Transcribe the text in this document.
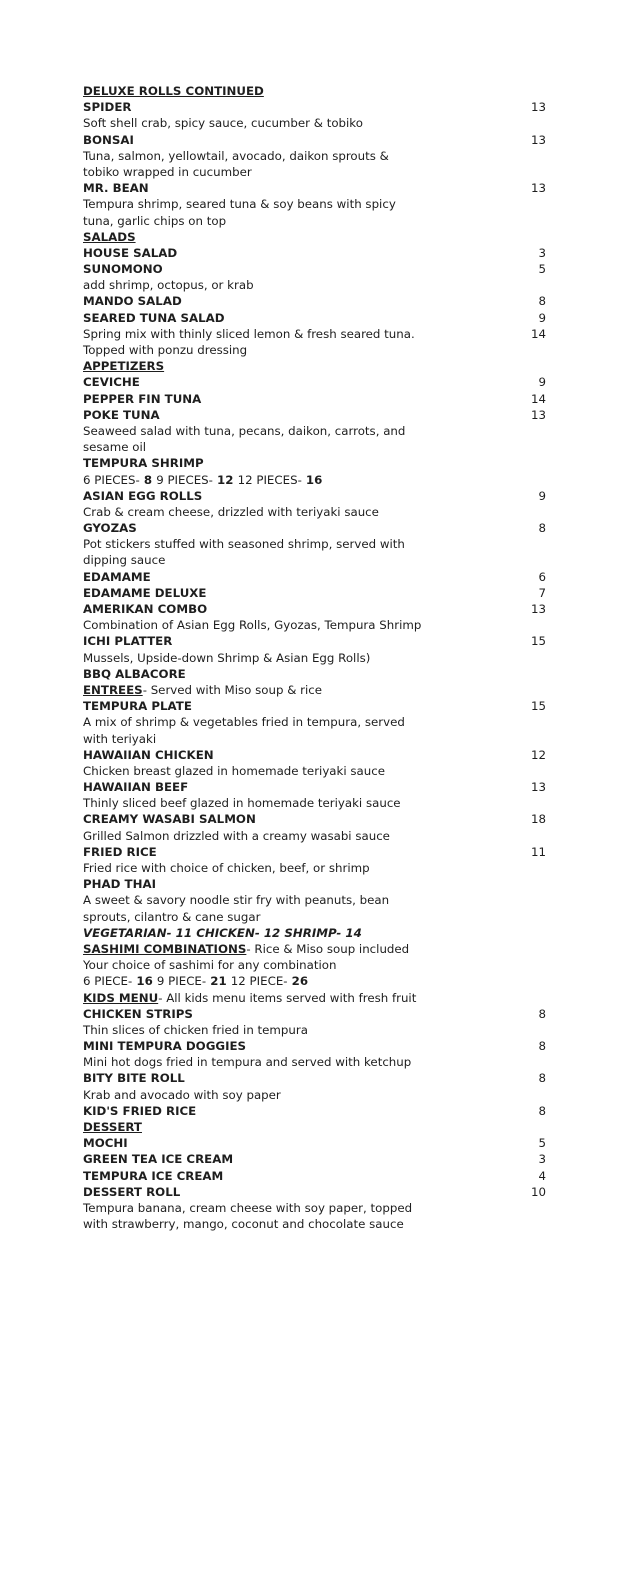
DELUXE ROLLS CONTINUED
SPIDER	13
Soft shell crab, spicy sauce, cucumber & tobiko
BONSAI	13
Tuna, salmon, yellowtail, avocado, daikon sprouts &
tobiko wrapped in cucumber
MR. BEAN	13
Tempura shrimp, seared tuna & soy beans with spicy
tuna, garlic chips on top
SALADS
HOUSE SALAD	3
SUNOMONO	5
add shrimp, octopus, or krab
MANDO SALAD	8
SEARED TUNA SALAD	9
Spring mix with thinly sliced lemon & fresh seared tuna.	14
Topped with ponzu dressing
APPETIZERS
CEVICHE	9
PEPPER FIN TUNA	14
POKE TUNA	13
Seaweed salad with tuna, pecans, daikon, carrots, and
sesame oil
TEMPURA SHRIMP
6 PIECES- 8 9 PIECES- 12 12 PIECES- 16
ASIAN EGG ROLLS	9
Crab & cream cheese, drizzled with teriyaki sauce
GYOZAS	8
Pot stickers stuffed with seasoned shrimp, served with
dipping sauce
EDAMAME	6
EDAMAME DELUXE	7
AMERIKAN COMBO	13
Combination of Asian Egg Rolls, Gyozas, Tempura Shrimp
ICHI PLATTER	15
Mussels, Upside-down Shrimp & Asian Egg Rolls)
BBQ ALBACORE
ENTREES- Served with Miso soup & rice
TEMPURA PLATE	15
A mix of shrimp & vegetables fried in tempura, served
with teriyaki
HAWAIIAN CHICKEN	12
Chicken breast glazed in homemade teriyaki sauce
HAWAIIAN BEEF	13
Thinly sliced beef glazed in homemade teriyaki sauce
CREAMY WASABI SALMON	18
Grilled Salmon drizzled with a creamy wasabi sauce
FRIED RICE	11
Fried rice with choice of chicken, beef, or shrimp
PHAD THAI
A sweet & savory noodle stir fry with peanuts, bean
sprouts, cilantro & cane sugar
VEGETARIAN- 11 CHICKEN- 12 SHRIMP- 14
SASHIMI COMBINATIONS- Rice & Miso soup included
Your choice of sashimi for any combination
6 PIECE- 16 9 PIECE- 21 12 PIECE- 26
KIDS MENU- All kids menu items served with fresh fruit
CHICKEN STRIPS	8
Thin slices of chicken fried in tempura
MINI TEMPURA DOGGIES	8
Mini hot dogs fried in tempura and served with ketchup
BITY BITE ROLL	8
Krab and avocado with soy paper
KID'S FRIED RICE	8
DESSERT
MOCHI	5
GREEN TEA ICE CREAM	3
TEMPURA ICE CREAM	4
DESSERT ROLL	10
Tempura banana, cream cheese with soy paper, topped
with strawberry, mango, coconut and chocolate sauce
